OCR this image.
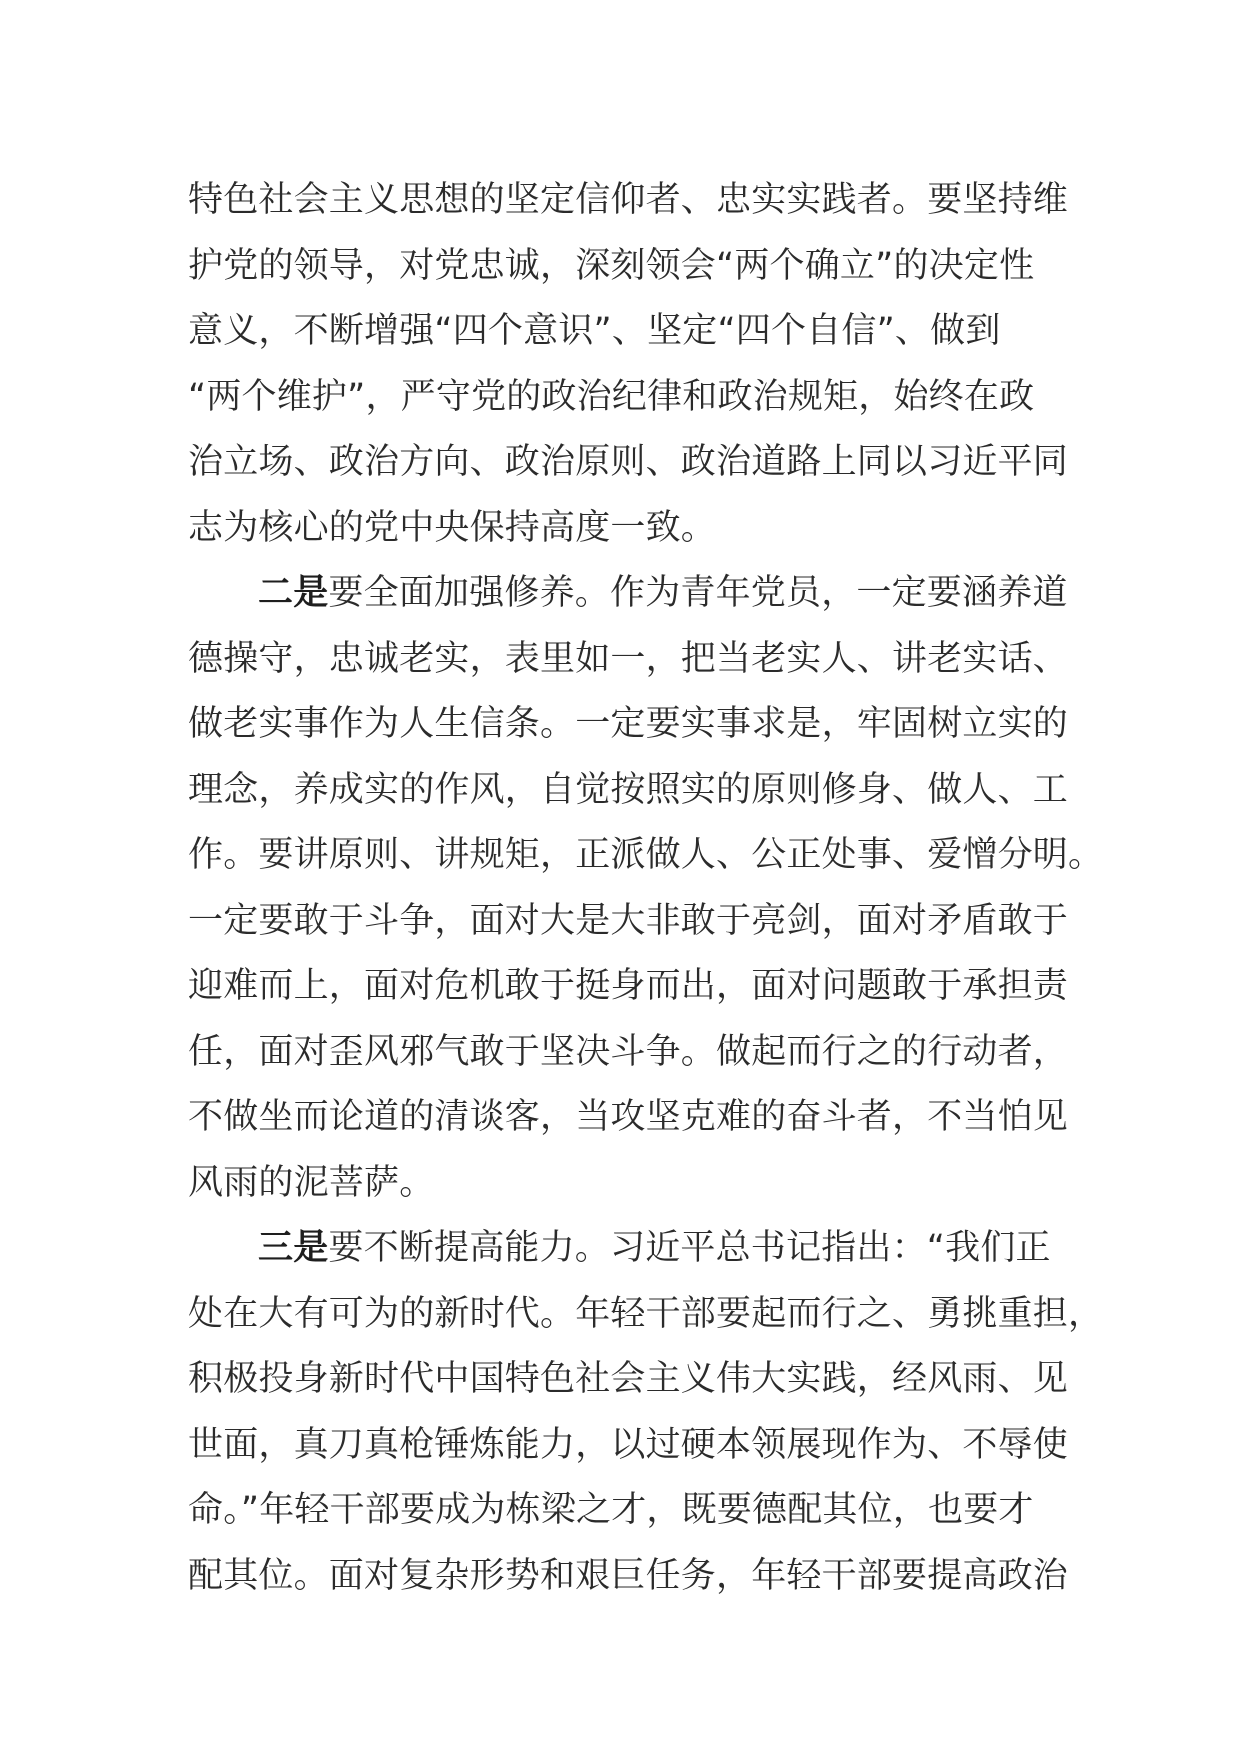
特色社会主义思想的坚定信仰者、忠实实践者。要坚持维
护党的领导，对党忠诚，深刻领会“两个确立”的决定性
意义，不断增强“四个意识”、坚定“四个自信”、做到
“两个维护”，严守党的政治纪律和政治规矩，始终在政
治立场、政治方向、政治原则、政治道路上同以习近平同
志为核心的党中央保持高度一致。
二是要全面加强修养。作为青年党员，一定要涵养道
德操守，忠诚老实，表里如一，把当老实人、讲老实话、
做老实事作为人生信条。一定要实事求是，牢固树立实的
理念，养成实的作风，自觉按照实的原则修身、做人、工
作。要讲原则、讲规矩，正派做人、公正处事、爱憎分明。
一定要敢于斗争，面对大是大非敢于亮剑，面对矛盾敢于
迎难而上，面对危机敢于挺身而出，面对问题敢于承担责
任，面对歪风邪气敢于坚决斗争。做起而行之的行动者，
不做坐而论道的清谈客，当攻坚克难的奋斗者，不当怕见
风雨的泥菩萨。
三是要不断提高能力。习近平总书记指出：“我们正
处在大有可为的新时代。年轻干部要起而行之、勇挑重担，
积极投身新时代中国特色社会主义伟大实践，经风雨、见
世面，真刀真枪锤炼能力，以过硬本领展现作为、不辱使
命。”年轻干部要成为栋梁之才，既要德配其位，也要才
配其位。面对复杂形势和艰巨任务，年轻干部要提高政治
